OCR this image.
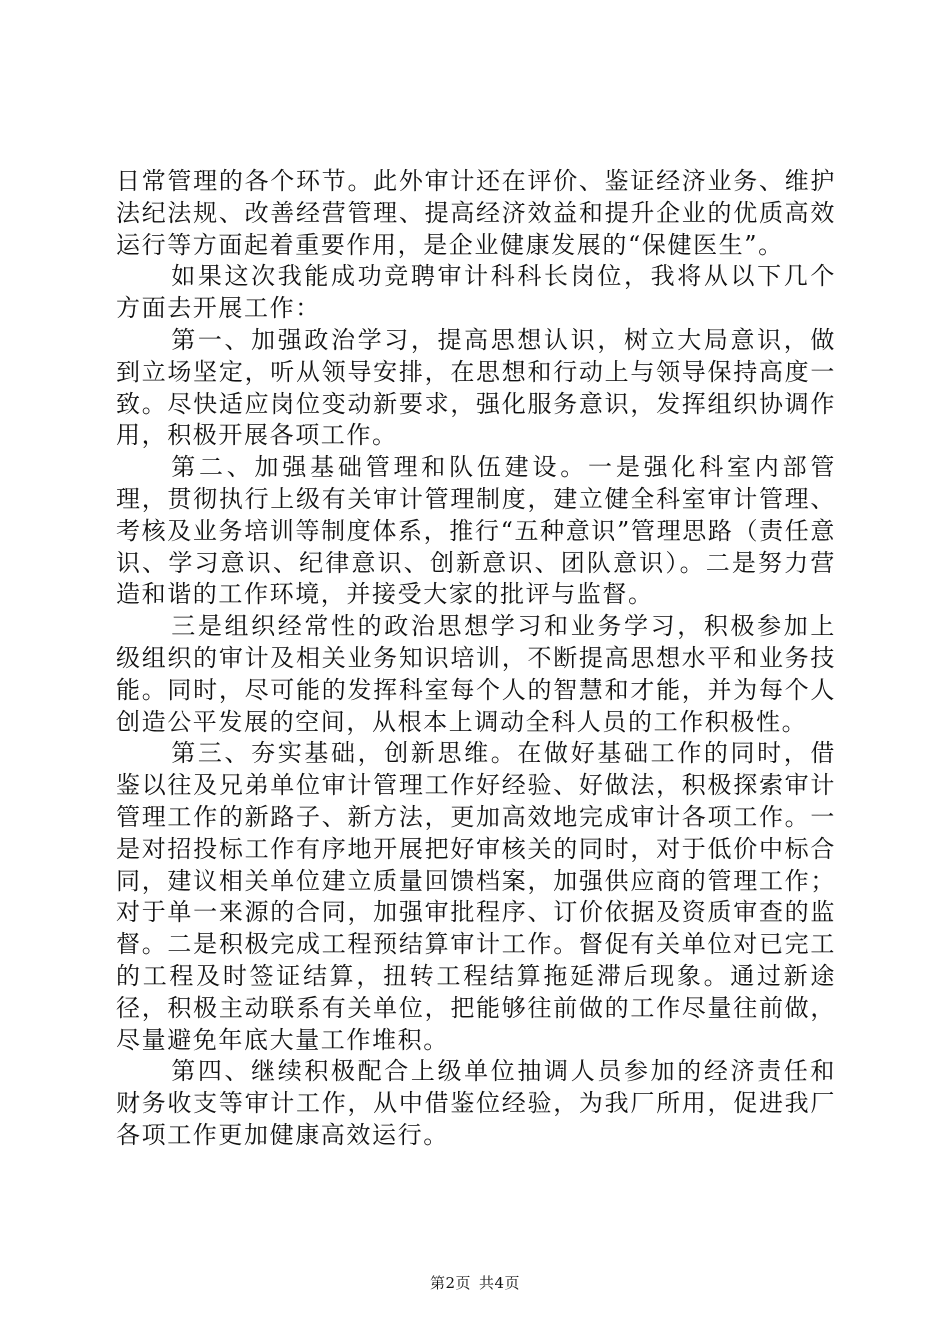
日常管理的各个环节。此外审计还在评价、鉴证经济业务、维护法纪法规、改善经营管理、提高经济效益和提升企业的优质高效运行等方面起着重要作用，是企业健康发展的“保健医生”。

如果这次我能成功竞聘审计科科长岗位，我将从以下几个方面去开展工作：

第一、加强政治学习，提高思想认识，树立大局意识，做到立场坚定，听从领导安排，在思想和行动上与领导保持高度一致。尽快适应岗位变动新要求，强化服务意识，发挥组织协调作用，积极开展各项工作。

第二、加强基础管理和队伍建设。一是强化科室内部管理，贯彻执行上级有关审计管理制度，建立健全科室审计管理、考核及业务培训等制度体系，推行“五种意识”管理思路（责任意识、学习意识、纪律意识、创新意识、团队意识）。二是努力营造和谐的工作环境，并接受大家的批评与监督。

三是组织经常性的政治思想学习和业务学习，积极参加上级组织的审计及相关业务知识培训，不断提高思想水平和业务技能。同时，尽可能的发挥科室每个人的智慧和才能，并为每个人创造公平发展的空间，从根本上调动全科人员的工作积极性。

第三、夯实基础，创新思维。在做好基础工作的同时，借鉴以往及兄弟单位审计管理工作好经验、好做法，积极探索审计管理工作的新路子、新方法，更加高效地完成审计各项工作。一是对招投标工作有序地开展把好审核关的同时，对于低价中标合同，建议相关单位建立质量回馈档案，加强供应商的管理工作；对于单一来源的合同，加强审批程序、订价依据及资质审查的监督。二是积极完成工程预结算审计工作。督促有关单位对已完工的工程及时签证结算，扭转工程结算拖延滞后现象。通过新途径，积极主动联系有关单位，把能够往前做的工作尽量往前做，尽量避免年底大量工作堆积。

第四、继续积极配合上级单位抽调人员参加的经济责任和财务收支等审计工作，从中借鉴位经验，为我厂所用，促进我厂各项工作更加健康高效运行。

第2页 共4页
